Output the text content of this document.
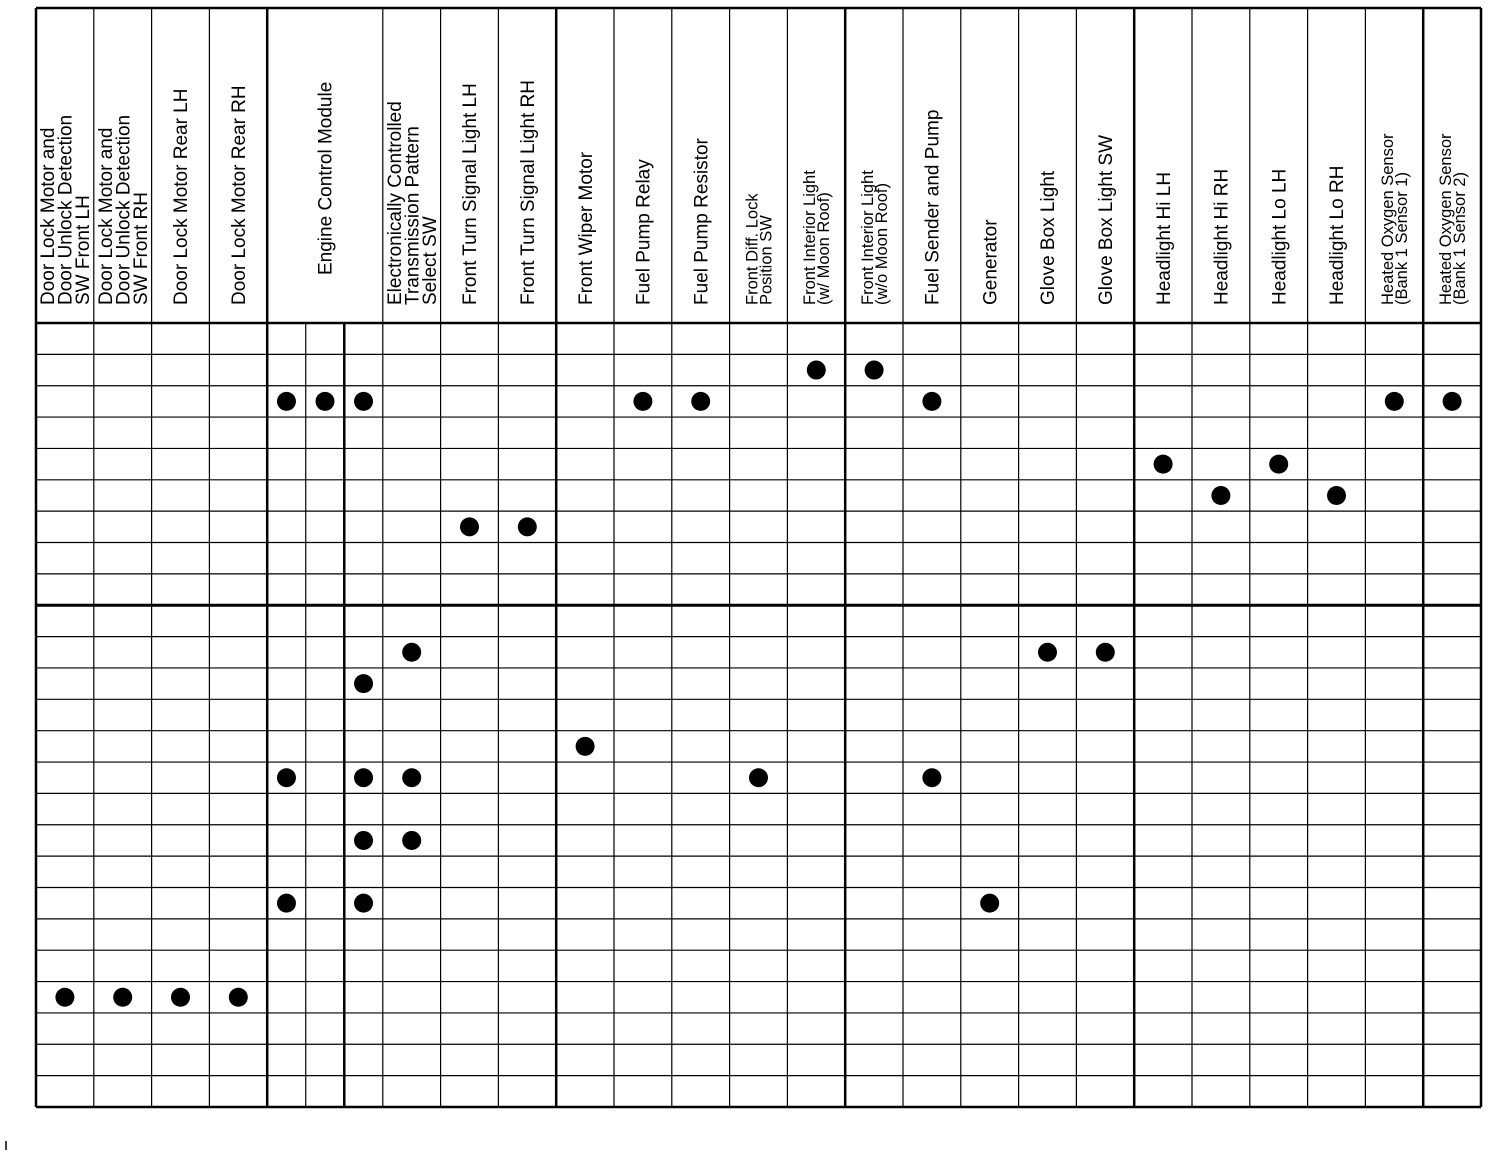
Door Lock Motor and
Door Unlock Detection
SW Front LH Door Lock Motor and
Door Unlock Detection
SW Front RH Door Lock Motor Rear LH Door Lock Motor Rear RH	Engine Control Module	Electronically Controlled
Transmission Pattern
Select SW Front Turn Signal Light LH Front Turn Signal Light RH Front Wiper Motor Fuel Pump Relay Fuel Pump Resistor Front Diff. Lock
Position SW Front Interior Light
(w/ Moon Roof) Front Interior Light
(w/o Moon Roof) Fuel Sender and Pump Generator Glove Box Light Glove Box Light SW Headlight Hi LH Headlight Hi RH Headlight Lo LH Headlight Lo RH Heated Oxygen Sensor
(Bank 1 Sensor 1) Heated Oxygen Sensor
(Bank 1 Sensor 2)
